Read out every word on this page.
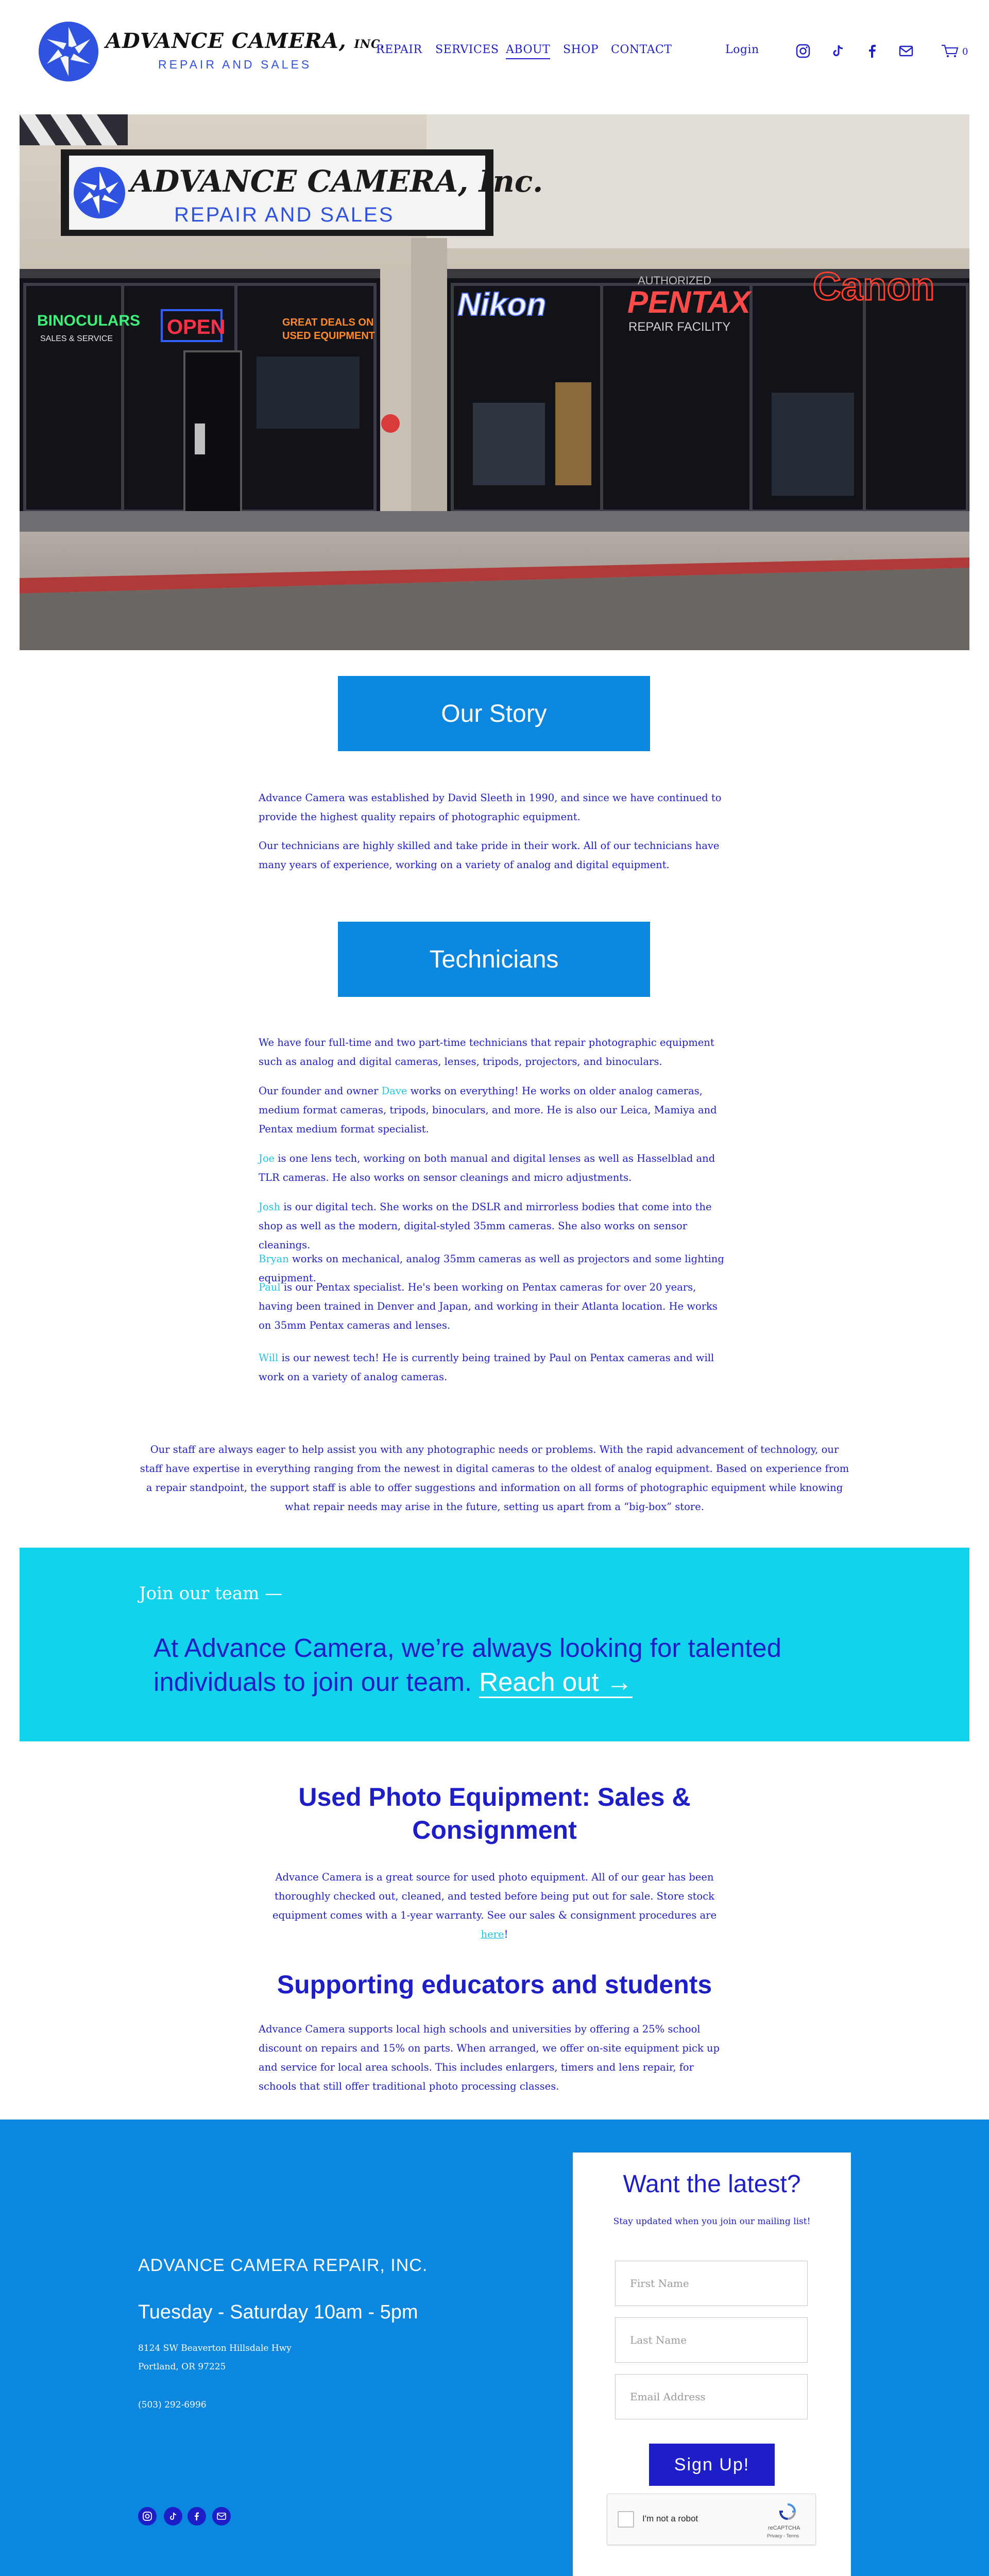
ADVANCE CAMERA, INC.
REPAIR AND SALES
REPAIR SERVICES ABOUT SHOP CONTACT	Login	0
ADVANCE CAMERA, Inc.
REPAIR AND SALES
BINOCULARS
SALES & SERVICE
OPEN	GREAT DEALS ON
USED EQUIPMENT
Nikon
AUTHORIZED
PENTAX
REPAIR FACILITY
Canon
Our Story

Advance Camera was established by David Sleeth in 1990, and since we have continued to provide the highest quality repairs of photographic equipment.

Our technicians are highly skilled and take pride in their work. All of our technicians have many years of experience, working on a variety of analog and digital equipment.

Technicians

We have four full-time and two part-time technicians that repair photographic equipment such as analog and digital cameras, lenses, tripods, projectors, and binoculars.

Our founder and owner Dave works on everything! He works on older analog cameras, medium format cameras, tripods, binoculars, and more. He is also our Leica, Mamiya and Pentax medium format specialist.

Joe is one lens tech, working on both manual and digital lenses as well as Hasselblad and TLR cameras. He also works on sensor cleanings and micro adjustments.

Josh is our digital tech. She works on the DSLR and mirrorless bodies that come into the shop as well as the modern, digital-styled 35mm cameras. She also works on sensor cleanings.

Bryan works on mechanical, analog 35mm cameras as well as projectors and some lighting equipment.

Paul is our Pentax specialist. He's been working on Pentax cameras for over 20 years, having been trained in Denver and Japan, and working in their Atlanta location. He works on 35mm Pentax cameras and lenses.

Will is our newest tech! He is currently being trained by Paul on Pentax cameras and will work on a variety of analog cameras.

Our staff are always eager to help assist you with any photographic needs or problems. With the rapid advancement of technology, our staff have expertise in everything ranging from the newest in digital cameras to the oldest of analog equipment. Based on experience from a repair standpoint, the support staff is able to offer suggestions and information on all forms of photographic equipment while knowing what repair needs may arise in the future, setting us apart from a “big-box” store.

Join our team —
At Advance Camera, we’re always looking for talented individuals to join our team. Reach out →
Used Photo Equipment: Sales & Consignment

Advance Camera is a great source for used photo equipment. All of our gear has been thoroughly checked out, cleaned, and tested before being put out for sale. Store stock equipment comes with a 1-year warranty. See our sales & consignment procedures are here!

Supporting educators and students

Advance Camera supports local high schools and universities by offering a 25% school discount on repairs and 15% on parts. When arranged, we offer on-site equipment pick up and service for local area schools. This includes enlargers, timers and lens repair, for schools that still offer traditional photo processing classes.

ADVANCE CAMERA REPAIR, INC.
Tuesday - Saturday 10am - 5pm
8124 SW Beaverton Hillsdale Hwy
Portland, OR 97225
(503) 292-6996
Want the latest?
Stay updated when you join our mailing list!
First Name
Last Name
Email Address
Sign Up!
I'm not a robot
reCAPTCHA
Privacy - Terms
